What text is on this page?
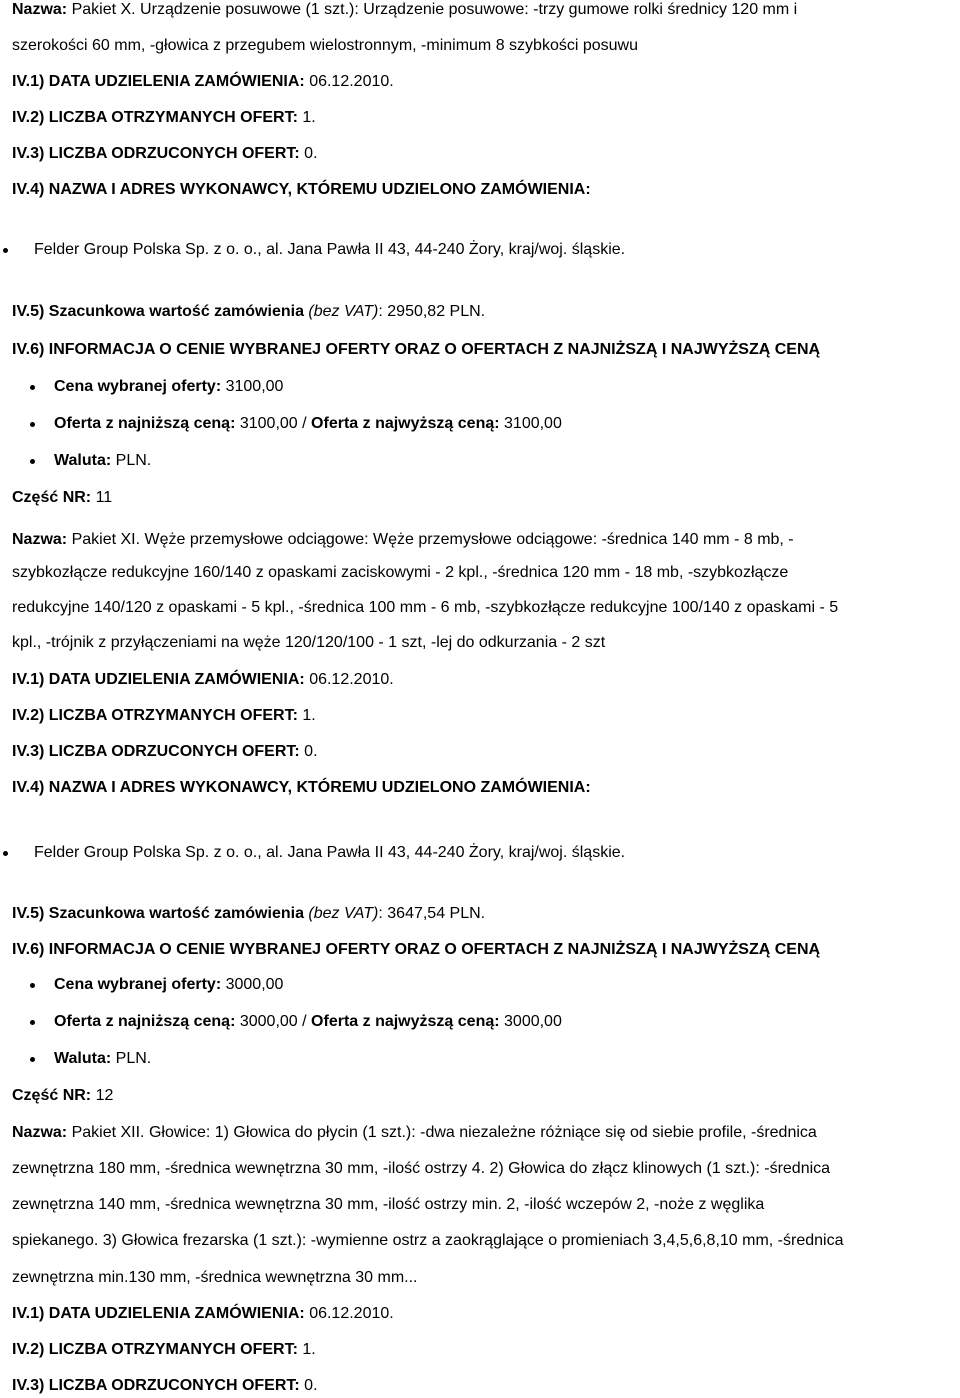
Nazwa: Pakiet X. Urządzenie posuwowe (1 szt.): Urządzenie posuwowe: -trzy gumowe rolki średnicy 120 mm i
szerokości 60 mm, -głowica z przegubem wielostronnym, -minimum 8 szybkości posuwu
IV.1) DATA UDZIELENIA ZAMÓWIENIA: 06.12.2010.
IV.2) LICZBA OTRZYMANYCH OFERT: 1.
IV.3) LICZBA ODRZUCONYCH OFERT: 0.
IV.4) NAZWA I ADRES WYKONAWCY, KTÓREMU UDZIELONO ZAMÓWIENIA:
Felder Group Polska Sp. z o. o., al. Jana Pawła II 43, 44-240 Żory, kraj/woj. śląskie.
IV.5) Szacunkowa wartość zamówienia (bez VAT): 2950,82 PLN.
IV.6) INFORMACJA O CENIE WYBRANEJ OFERTY ORAZ O OFERTACH Z NAJNIŻSZĄ I NAJWYŻSZĄ CENĄ
Cena wybranej oferty: 3100,00
Oferta z najniższą ceną: 3100,00 / Oferta z najwyższą ceną: 3100,00
Waluta: PLN.
Część NR: 11
Nazwa: Pakiet XI. Węże przemysłowe odciągowe: Węże przemysłowe odciągowe: -średnica 140 mm - 8 mb, -
szybkozłącze redukcyjne 160/140 z opaskami zaciskowymi - 2 kpl., -średnica 120 mm - 18 mb, -szybkozłącze
redukcyjne 140/120 z opaskami - 5 kpl., -średnica 100 mm - 6 mb, -szybkozłącze redukcyjne 100/140 z opaskami - 5
kpl., -trójnik z przyłączeniami na węże 120/120/100 - 1 szt, -lej do odkurzania - 2 szt
IV.1) DATA UDZIELENIA ZAMÓWIENIA: 06.12.2010.
IV.2) LICZBA OTRZYMANYCH OFERT: 1.
IV.3) LICZBA ODRZUCONYCH OFERT: 0.
IV.4) NAZWA I ADRES WYKONAWCY, KTÓREMU UDZIELONO ZAMÓWIENIA:
Felder Group Polska Sp. z o. o., al. Jana Pawła II 43, 44-240 Żory, kraj/woj. śląskie.
IV.5) Szacunkowa wartość zamówienia (bez VAT): 3647,54 PLN.
IV.6) INFORMACJA O CENIE WYBRANEJ OFERTY ORAZ O OFERTACH Z NAJNIŻSZĄ I NAJWYŻSZĄ CENĄ
Cena wybranej oferty: 3000,00
Oferta z najniższą ceną: 3000,00 / Oferta z najwyższą ceną: 3000,00
Waluta: PLN.
Część NR: 12
Nazwa: Pakiet XII. Głowice: 1) Głowica do płycin (1 szt.): -dwa niezależne różniące się od siebie profile, -średnica
zewnętrzna 180 mm, -średnica wewnętrzna 30 mm, -ilość ostrzy 4. 2) Głowica do złącz klinowych (1 szt.): -średnica
zewnętrzna 140 mm, -średnica wewnętrzna 30 mm, -ilość ostrzy min. 2, -ilość wczepów 2, -noże z węglika
spiekanego. 3) Głowica frezarska (1 szt.): -wymienne ostrz a zaokrąglające o promieniach 3,4,5,6,8,10 mm, -średnica
zewnętrzna min.130 mm, -średnica wewnętrzna 30 mm...
IV.1) DATA UDZIELENIA ZAMÓWIENIA: 06.12.2010.
IV.2) LICZBA OTRZYMANYCH OFERT: 1.
IV.3) LICZBA ODRZUCONYCH OFERT: 0.
